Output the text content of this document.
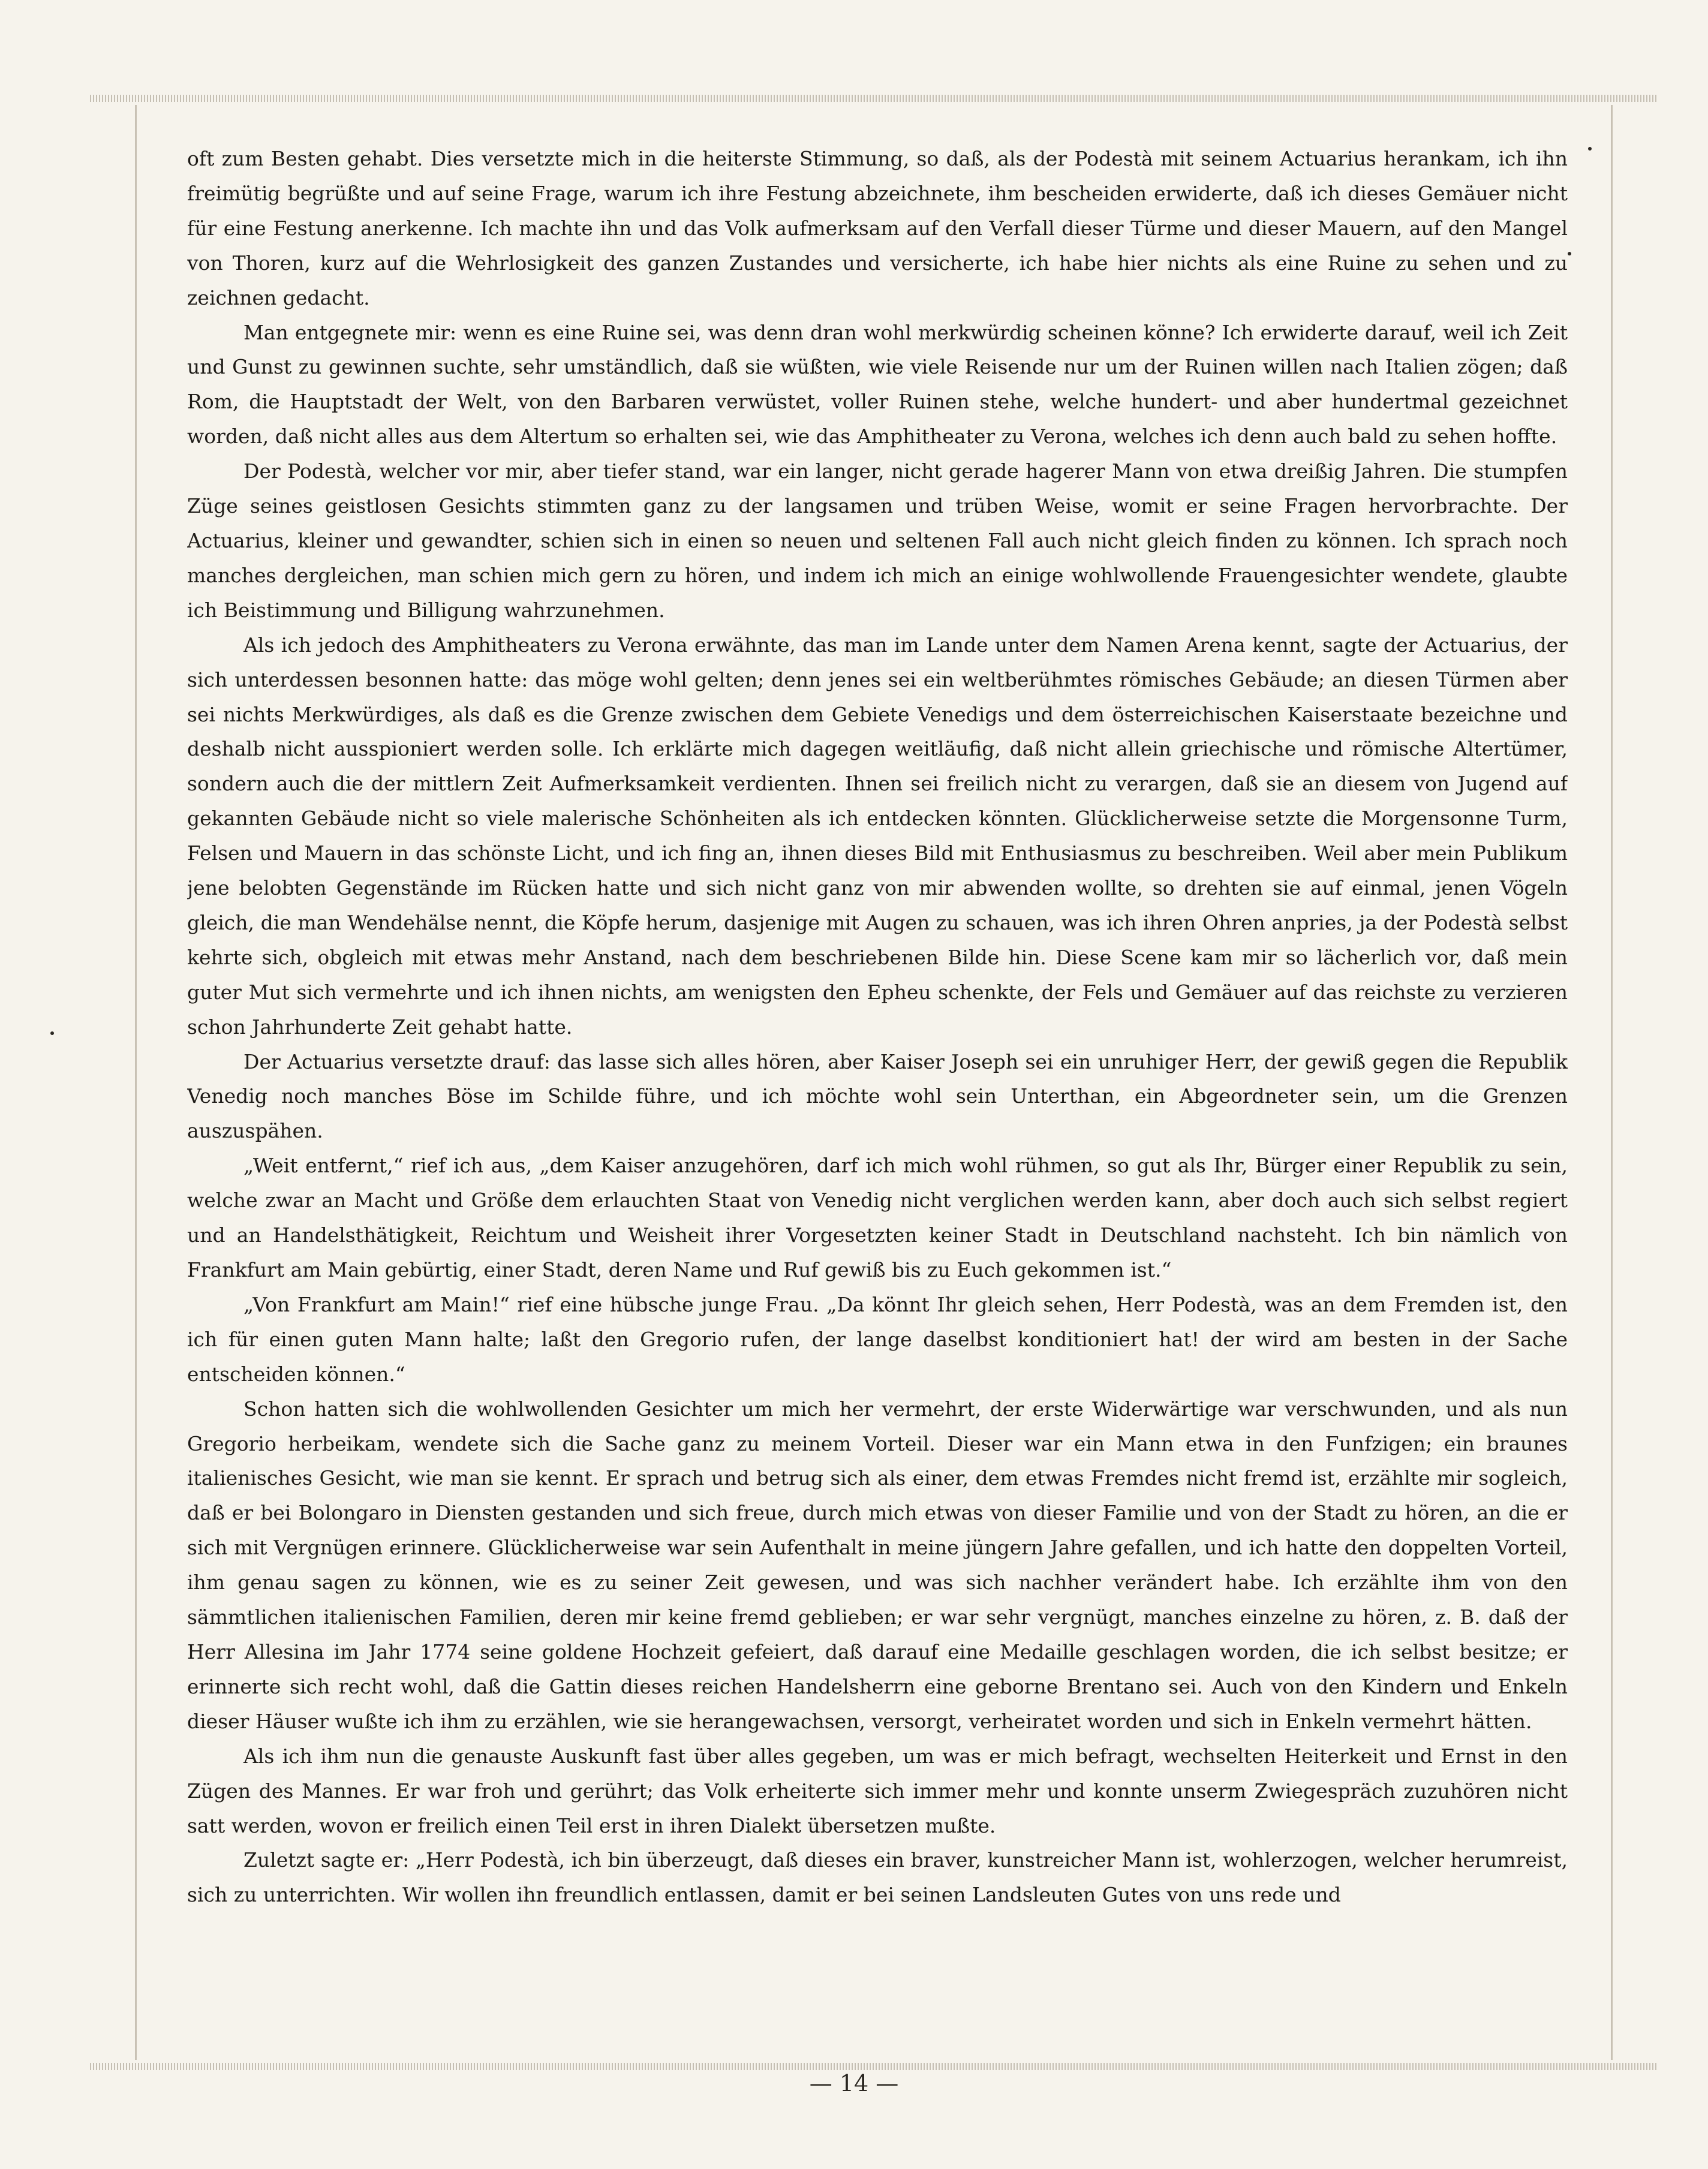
oft zum Besten gehabt. Dies versetzte mich in die heiterste Stimmung, so daß, als der Podestà mit seinem Actuarius herankam, ich ihn freimütig begrüßte und auf seine Frage, warum ich ihre Festung abzeichnete, ihm bescheiden erwiderte, daß ich dieses Gemäuer nicht für eine Festung anerkenne. Ich machte ihn und das Volk aufmerksam auf den Verfall dieser Türme und dieser Mauern, auf den Mangel von Thoren, kurz auf die Wehrlosigkeit des ganzen Zustandes und versicherte, ich habe hier nichts als eine Ruine zu sehen und zu zeichnen gedacht.

Man entgegnete mir: wenn es eine Ruine sei, was denn dran wohl merkwürdig scheinen könne? Ich erwiderte darauf, weil ich Zeit und Gunst zu gewinnen suchte, sehr umständlich, daß sie wüßten, wie viele Reisende nur um der Ruinen willen nach Italien zögen; daß Rom, die Hauptstadt der Welt, von den Barbaren verwüstet, voller Ruinen stehe, welche hundert- und aber hundertmal gezeichnet worden, daß nicht alles aus dem Altertum so erhalten sei, wie das Amphitheater zu Verona, welches ich denn auch bald zu sehen hoffte.

Der Podestà, welcher vor mir, aber tiefer stand, war ein langer, nicht gerade hagerer Mann von etwa dreißig Jahren. Die stumpfen Züge seines geistlosen Gesichts stimmten ganz zu der langsamen und trüben Weise, womit er seine Fragen hervorbrachte. Der Actuarius, kleiner und gewandter, schien sich in einen so neuen und seltenen Fall auch nicht gleich finden zu können. Ich sprach noch manches dergleichen, man schien mich gern zu hören, und indem ich mich an einige wohlwollende Frauengesichter wendete, glaubte ich Beistimmung und Billigung wahrzunehmen.

Als ich jedoch des Amphitheaters zu Verona erwähnte, das man im Lande unter dem Namen Arena kennt, sagte der Actuarius, der sich unterdessen besonnen hatte: das möge wohl gelten; denn jenes sei ein weltberühmtes römisches Gebäude; an diesen Türmen aber sei nichts Merkwürdiges, als daß es die Grenze zwischen dem Gebiete Venedigs und dem österreichischen Kaiserstaate bezeichne und deshalb nicht ausspioniert werden solle. Ich erklärte mich dagegen weitläufig, daß nicht allein griechische und römische Altertümer, sondern auch die der mittlern Zeit Aufmerksamkeit verdienten. Ihnen sei freilich nicht zu verargen, daß sie an diesem von Jugend auf gekannten Gebäude nicht so viele malerische Schönheiten als ich entdecken könnten. Glücklicherweise setzte die Morgensonne Turm, Felsen und Mauern in das schönste Licht, und ich fing an, ihnen dieses Bild mit Enthusiasmus zu beschreiben. Weil aber mein Publikum jene belobten Gegenstände im Rücken hatte und sich nicht ganz von mir abwenden wollte, so drehten sie auf einmal, jenen Vögeln gleich, die man Wendehälse nennt, die Köpfe herum, dasjenige mit Augen zu schauen, was ich ihren Ohren anpries, ja der Podestà selbst kehrte sich, obgleich mit etwas mehr Anstand, nach dem beschriebenen Bilde hin. Diese Scene kam mir so lächerlich vor, daß mein guter Mut sich vermehrte und ich ihnen nichts, am wenigsten den Epheu schenkte, der Fels und Gemäuer auf das reichste zu verzieren schon Jahrhunderte Zeit gehabt hatte.

Der Actuarius versetzte drauf: das lasse sich alles hören, aber Kaiser Joseph sei ein unruhiger Herr, der gewiß gegen die Republik Venedig noch manches Böse im Schilde führe, und ich möchte wohl sein Unterthan, ein Abgeordneter sein, um die Grenzen auszuspähen.

„Weit entfernt,“ rief ich aus, „dem Kaiser anzugehören, darf ich mich wohl rühmen, so gut als Ihr, Bürger einer Republik zu sein, welche zwar an Macht und Größe dem erlauchten Staat von Venedig nicht verglichen werden kann, aber doch auch sich selbst regiert und an Handelsthätigkeit, Reichtum und Weisheit ihrer Vorgesetzten keiner Stadt in Deutschland nachsteht. Ich bin nämlich von Frankfurt am Main gebürtig, einer Stadt, deren Name und Ruf gewiß bis zu Euch gekommen ist.“

„Von Frankfurt am Main!“ rief eine hübsche junge Frau. „Da könnt Ihr gleich sehen, Herr Podestà, was an dem Fremden ist, den ich für einen guten Mann halte; laßt den Gregorio rufen, der lange daselbst konditioniert hat! der wird am besten in der Sache entscheiden können.“

Schon hatten sich die wohlwollenden Gesichter um mich her vermehrt, der erste Widerwärtige war verschwunden, und als nun Gregorio herbeikam, wendete sich die Sache ganz zu meinem Vorteil. Dieser war ein Mann etwa in den Funfzigen; ein braunes italienisches Gesicht, wie man sie kennt. Er sprach und betrug sich als einer, dem etwas Fremdes nicht fremd ist, erzählte mir sogleich, daß er bei Bolongaro in Diensten gestanden und sich freue, durch mich etwas von dieser Familie und von der Stadt zu hören, an die er sich mit Vergnügen erinnere. Glücklicherweise war sein Aufenthalt in meine jüngern Jahre gefallen, und ich hatte den doppelten Vorteil, ihm genau sagen zu können, wie es zu seiner Zeit gewesen, und was sich nachher verändert habe. Ich erzählte ihm von den sämmtlichen italienischen Familien, deren mir keine fremd geblieben; er war sehr vergnügt, manches einzelne zu hören, z. B. daß der Herr Allesina im Jahr 1774 seine goldene Hochzeit gefeiert, daß darauf eine Medaille geschlagen worden, die ich selbst besitze; er erinnerte sich recht wohl, daß die Gattin dieses reichen Handelsherrn eine geborne Brentano sei. Auch von den Kindern und Enkeln dieser Häuser wußte ich ihm zu erzählen, wie sie herangewachsen, versorgt, verheiratet worden und sich in Enkeln vermehrt hätten.

Als ich ihm nun die genauste Auskunft fast über alles gegeben, um was er mich befragt, wechselten Heiterkeit und Ernst in den Zügen des Mannes. Er war froh und gerührt; das Volk erheiterte sich immer mehr und konnte unserm Zwiegespräch zuzuhören nicht satt werden, wovon er freilich einen Teil erst in ihren Dialekt übersetzen mußte.

Zuletzt sagte er: „Herr Podestà, ich bin überzeugt, daß dieses ein braver, kunstreicher Mann ist, wohlerzogen, welcher herumreist, sich zu unterrichten. Wir wollen ihn freundlich entlassen, damit er bei seinen Landsleuten Gutes von uns rede und

— 14 —
